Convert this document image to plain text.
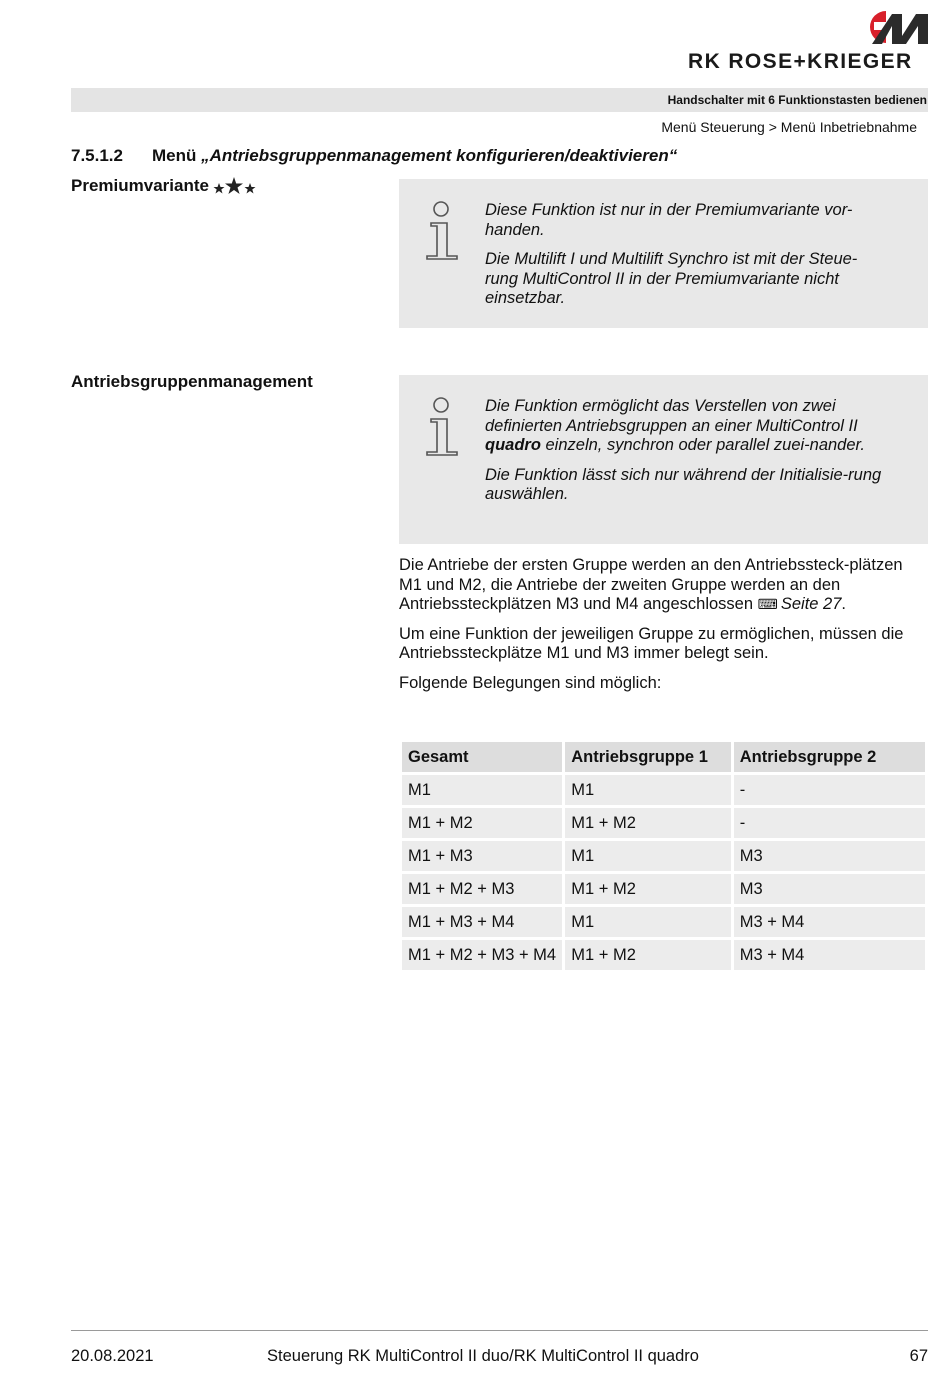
RK ROSE+KRIEGER
Handschalter mit 6 Funktionstasten bedienen
Menü Steuerung > Menü Inbetriebnahme
7.5.1.2 Menü „Antriebsgruppenmanagement konfigurieren/deaktivieren“
Premiumvariante

Diese Funktion ist nur in der Premiumvariante vor-handen.

Die Multilift I und Multilift Synchro ist mit der Steue-rung MultiControl II in der Premiumvariante nicht einsetzbar.

Antriebsgruppenmanagement

Die Funktion ermöglicht das Verstellen von zwei definierten Antriebsgruppen an einer MultiControl II quadro einzeln, synchron oder parallel zuei-nander.

Die Funktion lässt sich nur während der Initialisie-rung auswählen.

Die Antriebe der ersten Gruppe werden an den Antriebssteck-plätzen M1 und M2, die Antriebe der zweiten Gruppe werden an den Antriebssteckplätzen M3 und M4 angeschlossen ⌨ Seite 27.

Um eine Funktion der jeweiligen Gruppe zu ermöglichen, müssen die Antriebssteckplätze M1 und M3 immer belegt sein.

Folgende Belegungen sind möglich:

Gesamt	Antriebsgruppe 1	Antriebsgruppe 2
M1	M1	-
M1 + M2	M1 + M2	-
M1 + M3	M1	M3
M1 + M2 + M3	M1 + M2	M3
M1 + M3 + M4	M1	M3 + M4
M1 + M2 + M3 + M4	M1 + M2	M3 + M4
20.08.2021	Steuerung RK MultiControl II duo/RK MultiControl II quadro	67
